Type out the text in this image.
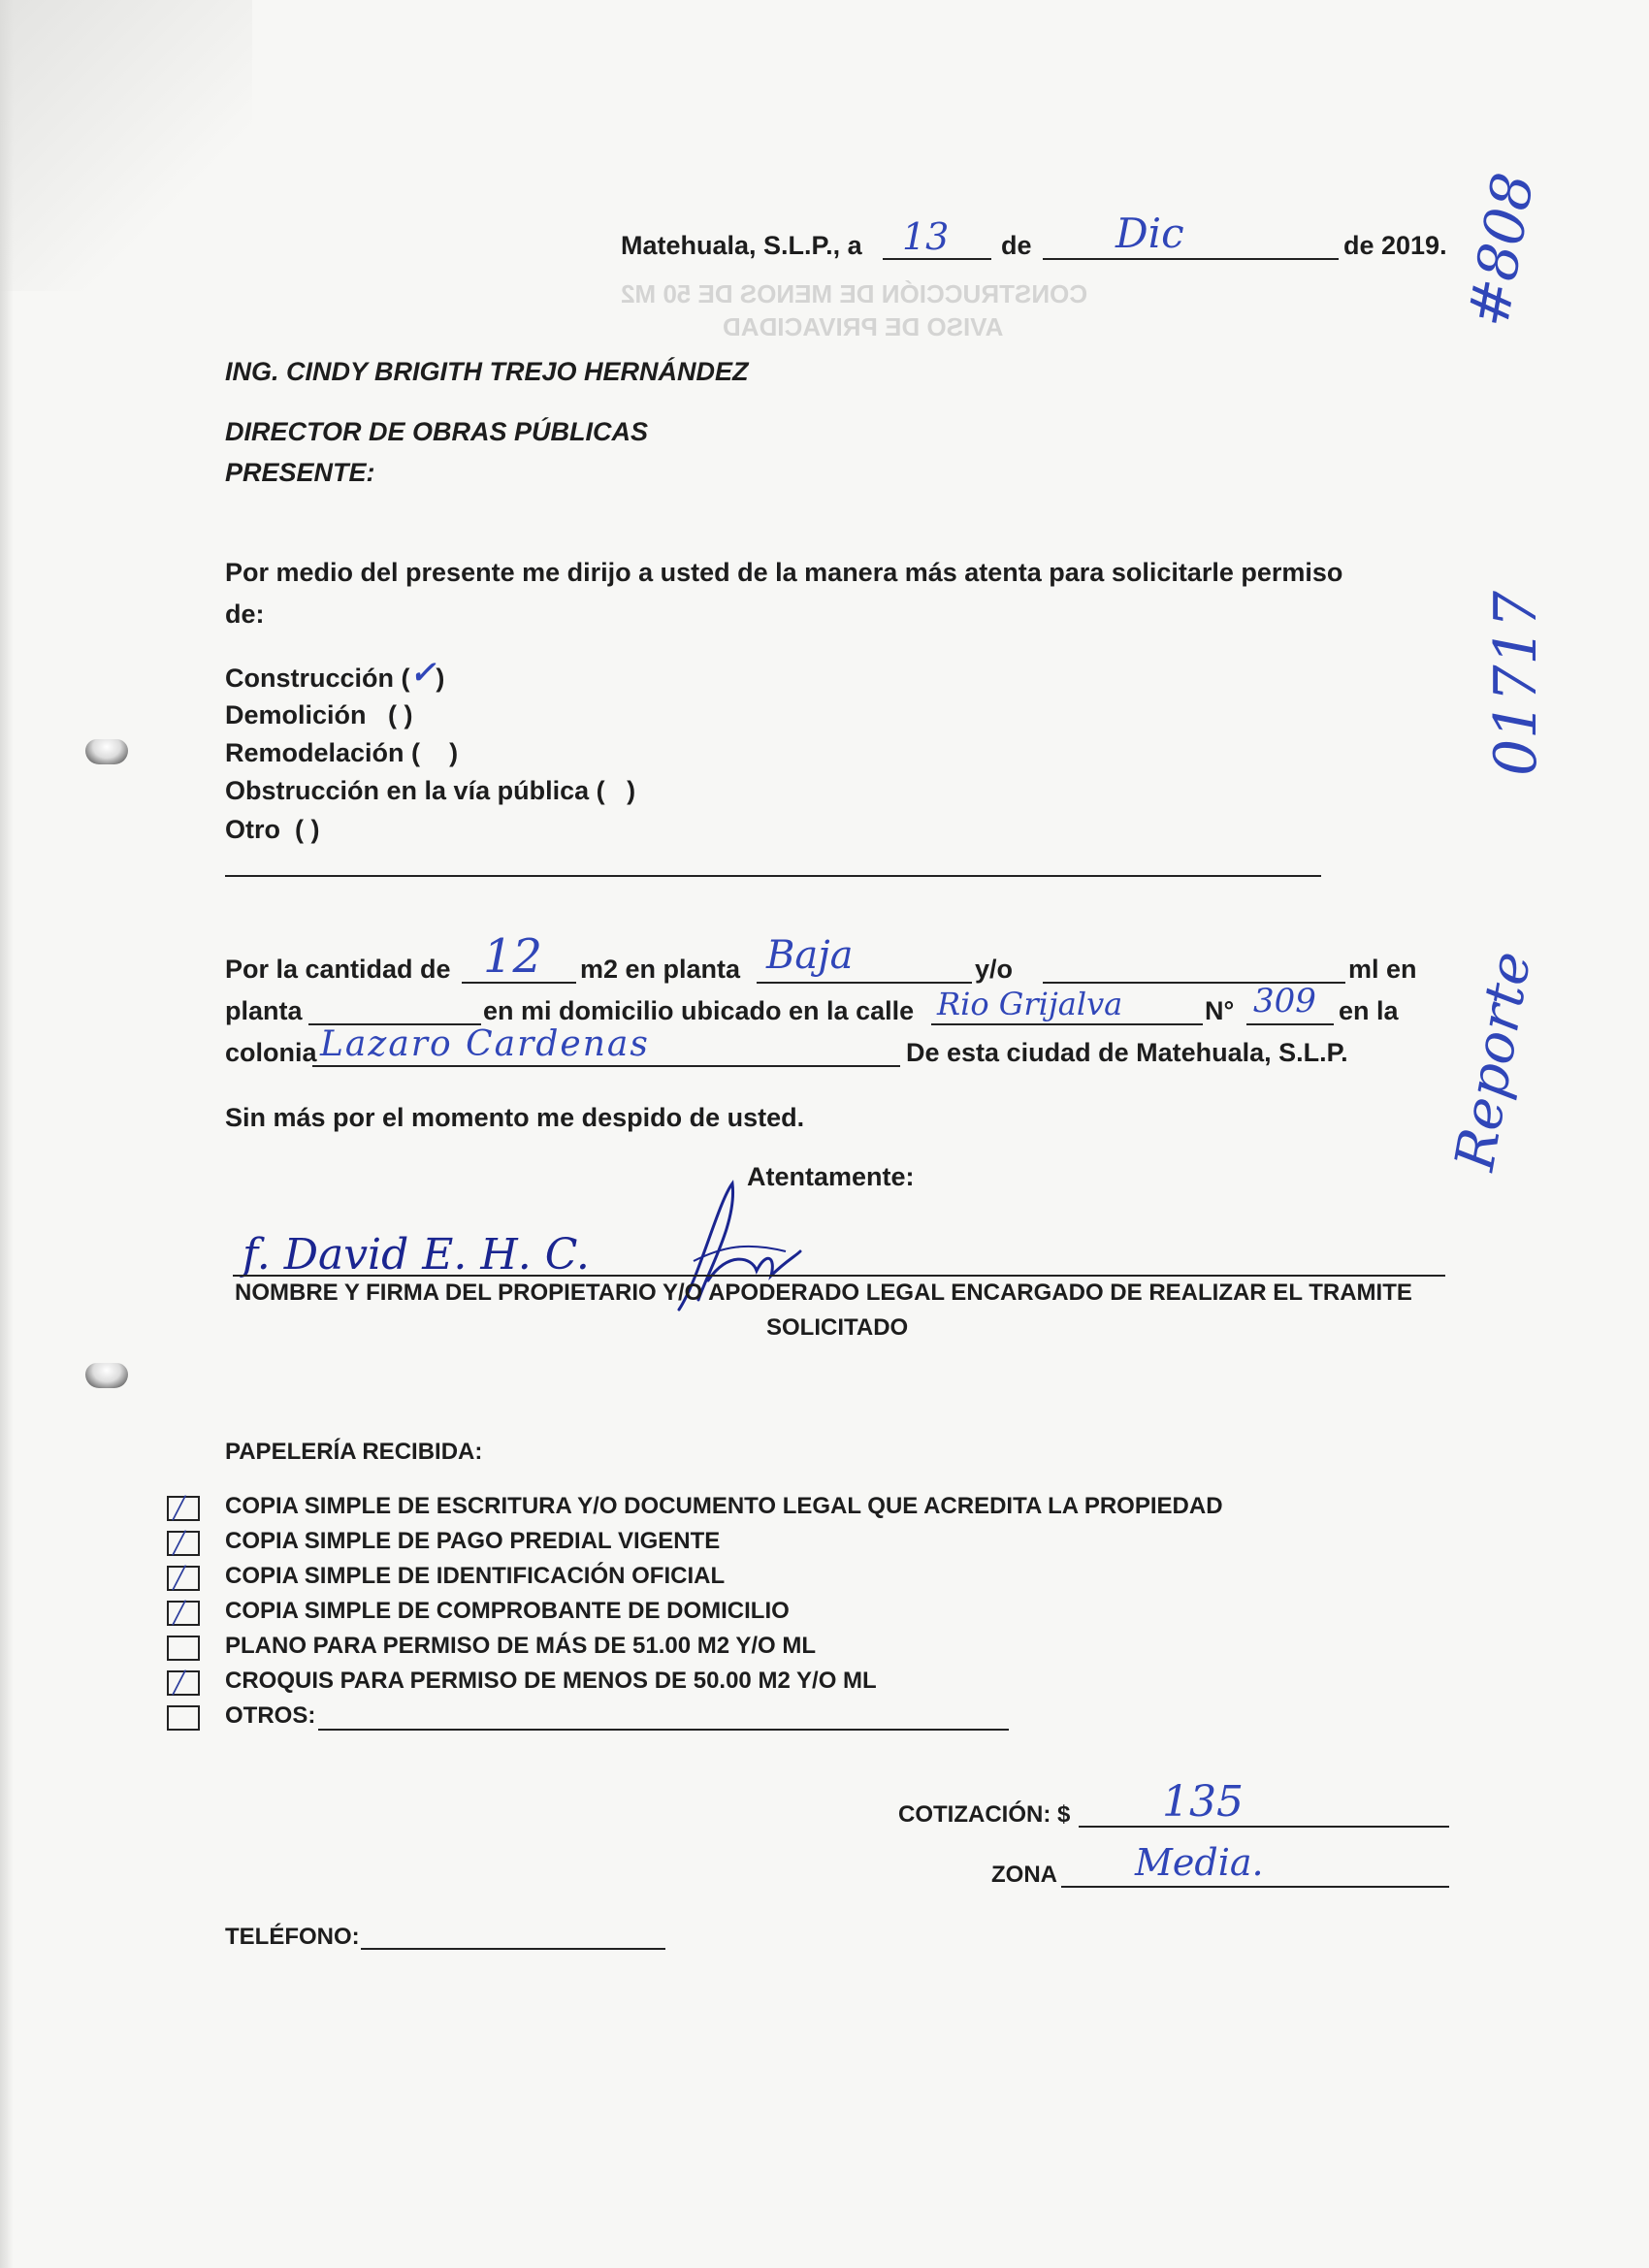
CONSTRUCCIÓN DE MENOS DE 50 M2
AVISO DE PRIVACIDAD
Matehuala, S.L.P., a 13 de Dic	de 2019.
ING. CINDY BRIGITH TREJO HERNÁNDEZ
DIRECTOR DE OBRAS PÚBLICAS
PRESENTE:
Por medio del presente me dirijo a usted de la manera más atenta para solicitarle permiso
de:
Construcción (✓)
Demolición ( )
Remodelación ( )
Obstrucción en la vía pública ( )
Otro ( )
Por la cantidad de 12 m2 en planta Baja	y/o	ml en
planta	en mi domicilio ubicado en la calle Rio Grijalva	N° 309 en la
colonia Lazaro Cardenas	De esta ciudad de Matehuala, S.L.P.
Sin más por el momento me despido de usted.
Atentamente:
f. David E. H. C.
NOMBRE Y FIRMA DEL PROPIETARIO Y/O APODERADO LEGAL ENCARGADO DE REALIZAR EL TRAMITE
SOLICITADO
PAPELERÍA RECIBIDA:
╱ COPIA SIMPLE DE ESCRITURA Y/O DOCUMENTO LEGAL QUE ACREDITA LA PROPIEDAD
╱ COPIA SIMPLE DE PAGO PREDIAL VIGENTE
╱ COPIA SIMPLE DE IDENTIFICACIÓN OFICIAL
╱ COPIA SIMPLE DE COMPROBANTE DE DOMICILIO
PLANO PARA PERMISO DE MÁS DE 51.00 M2 Y/O ML
╱ CROQUIS PARA PERMISO DE MENOS DE 50.00 M2 Y/O ML
OTROS:
COTIZACIÓN: $ 135
ZONA Media.
TELÉFONO:
#808
01717
Reporte
